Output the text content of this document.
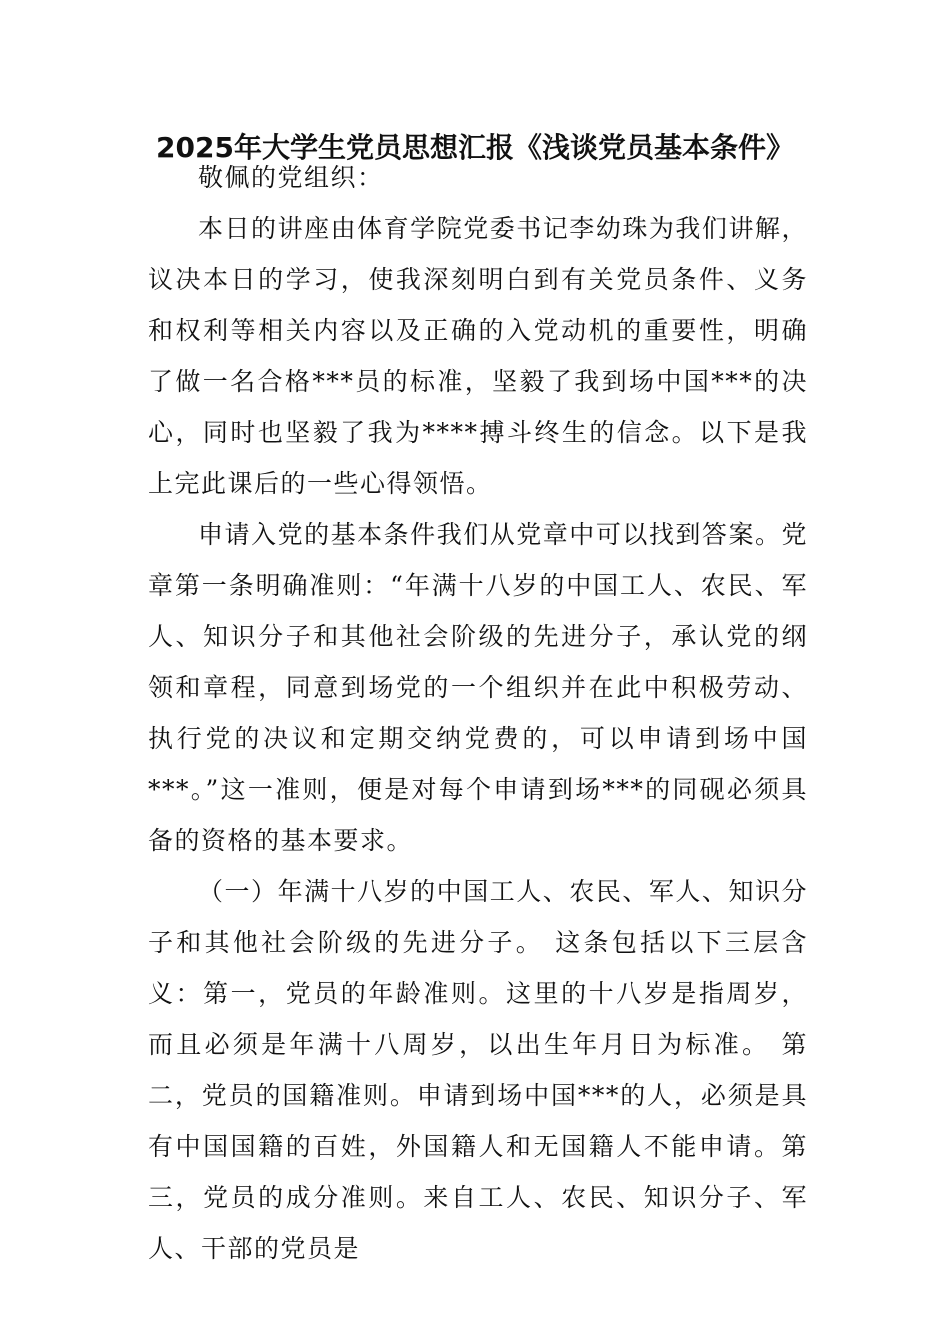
2025年大学生党员思想汇报《浅谈党员基本条件》

敬佩的党组织：

本日的讲座由体育学院党委书记李幼珠为我们讲解，议决本日的学习，使我深刻明白到有关党员条件、义务和权利等相关内容以及正确的入党动机的重要性，明确了做一名合格***员的标准，坚毅了我到场中国***的决心，同时也坚毅了我为****搏斗终生的信念。以下是我上完此课后的一些心得领悟。

申请入党的基本条件我们从党章中可以找到答案。党章第一条明确准则：“年满十八岁的中国工人、农民、军人、知识分子和其他社会阶级的先进分子，承认党的纲领和章程，同意到场党的一个组织并在此中积极劳动、执行党的决议和定期交纳党费的，可以申请到场中国***。”这一准则，便是对每个申请到场***的同砚必须具备的资格的基本要求。

（一）年满十八岁的中国工人、农民、军人、知识分子和其他社会阶级的先进分子。 这条包括以下三层含义：第一，党员的年龄准则。这里的十八岁是指周岁，而且必须是年满十八周岁，以出生年月日为标准。 第二，党员的国籍准则。申请到场中国***的人，必须是具有中国国籍的百姓，外国籍人和无国籍人不能申请。第三，党员的成分准则。来自工人、农民、知识分子、军人、干部的党员是
